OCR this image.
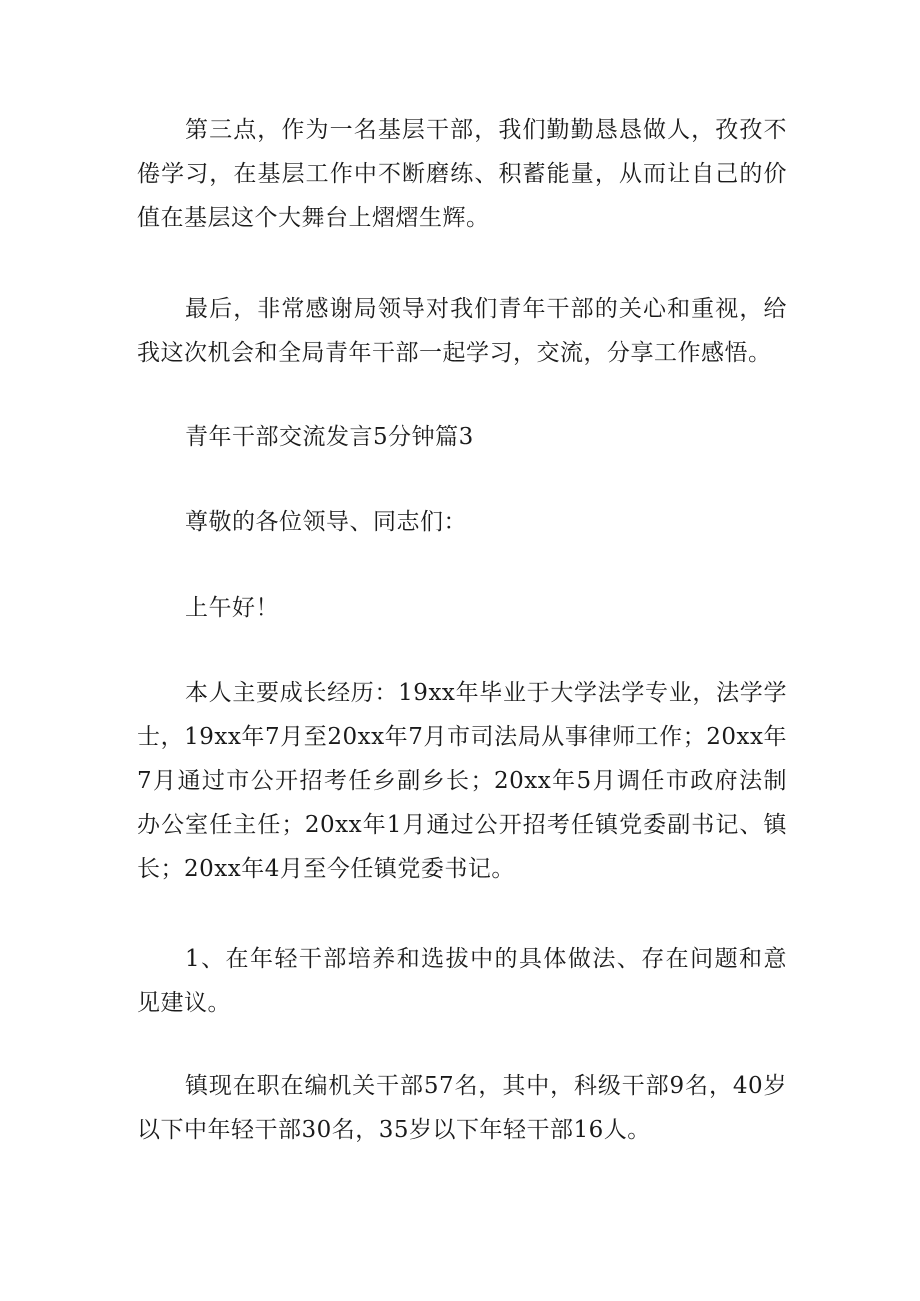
第三点，作为一名基层干部，我们勤勤恳恳做人，孜孜不倦学习，在基层工作中不断磨练、积蓄能量，从而让自己的价值在基层这个大舞台上熠熠生辉。

最后，非常感谢局领导对我们青年干部的关心和重视，给我这次机会和全局青年干部一起学习，交流，分享工作感悟。

青年干部交流发言5分钟篇3

尊敬的各位领导、同志们：

上午好！

本人主要成长经历：19xx年毕业于大学法学专业，法学学士，19xx年7月至20xx年7月市司法局从事律师工作；20xx年7月通过市公开招考任乡副乡长；20xx年5月调任市政府法制办公室任主任；20xx年1月通过公开招考任镇党委副书记、镇长；20xx年4月至今任镇党委书记。

1、在年轻干部培养和选拔中的具体做法、存在问题和意见建议。

镇现在职在编机关干部57名，其中，科级干部9名，40岁以下中年轻干部30名，35岁以下年轻干部16人。
